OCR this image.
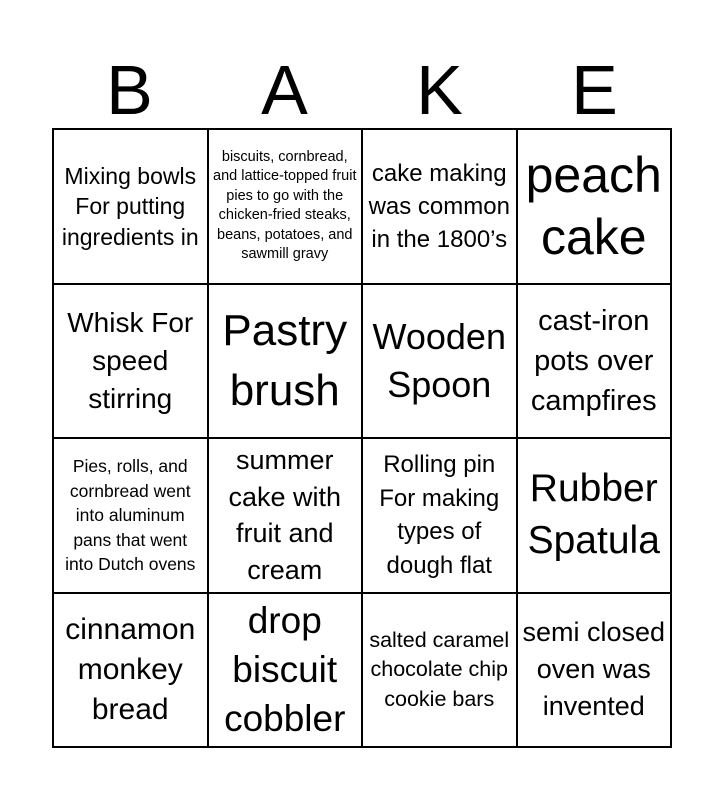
B	A	K	E
Mixing bowls For putting ingredients in
biscuits, cornbread, and lattice-topped fruit pies to go with the chicken-fried steaks, beans, potatoes, and sawmill gravy
cake making was common in the 1800’s
peach cake
Whisk For speed stirring
Pastry brush
Wooden Spoon
cast-iron pots over campfires
Pies, rolls, and cornbread went into aluminum pans that went into Dutch ovens
summer cake with fruit and cream
Rolling pin For making types of dough flat
Rubber Spatula
cinnamon monkey bread
drop biscuit cobbler
salted caramel chocolate chip cookie bars
semi closed oven was invented
